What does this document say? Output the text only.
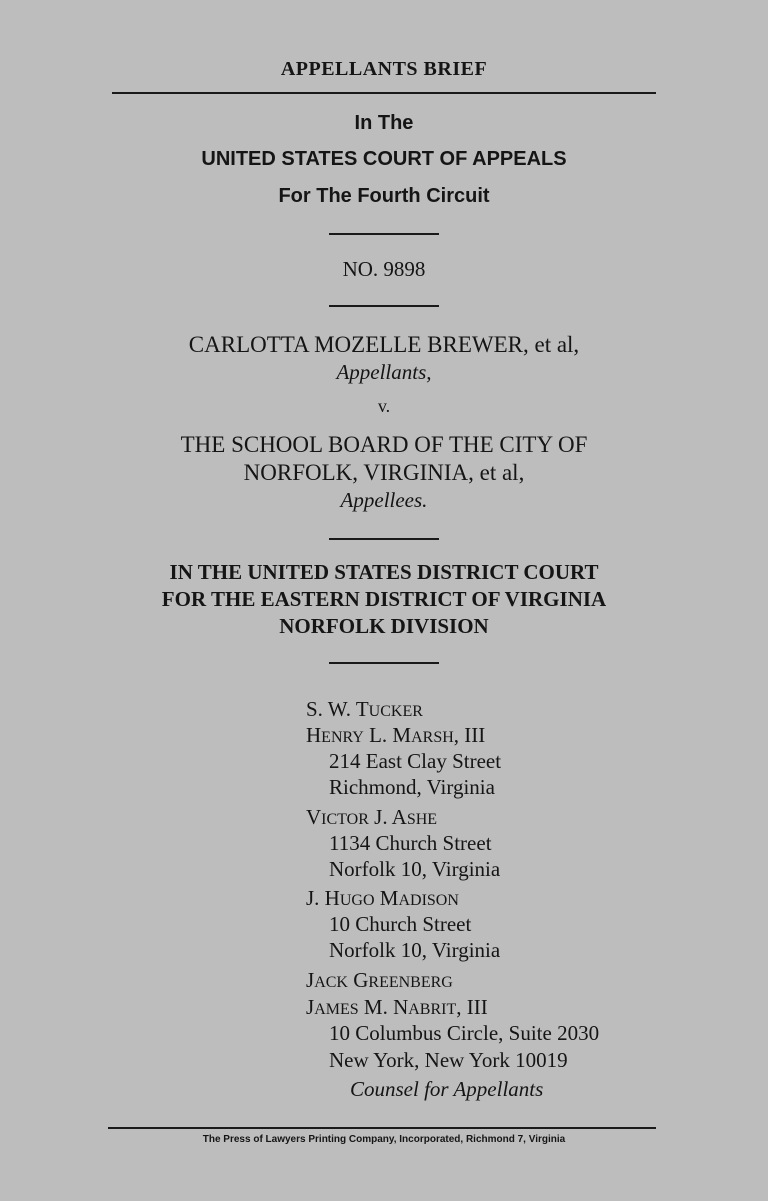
APPELLANTS BRIEF
In The
UNITED STATES COURT OF APPEALS
For The Fourth Circuit
NO. 9898
CARLOTTA MOZELLE BREWER, et al,
Appellants,
v.
THE SCHOOL BOARD OF THE CITY OF
NORFOLK, VIRGINIA, et al,
Appellees.
IN THE UNITED STATES DISTRICT COURT
FOR THE EASTERN DISTRICT OF VIRGINIA
NORFOLK DIVISION
S. W. TUCKER
HENRY L. MARSH, III
214 East Clay Street
Richmond, Virginia
VICTOR J. ASHE
1134 Church Street
Norfolk 10, Virginia
J. HUGO MADISON
10 Church Street
Norfolk 10, Virginia
JACK GREENBERG
JAMES M. NABRIT, III
10 Columbus Circle, Suite 2030
New York, New York 10019
Counsel for Appellants
The Press of Lawyers Printing Company, Incorporated, Richmond 7, Virginia
